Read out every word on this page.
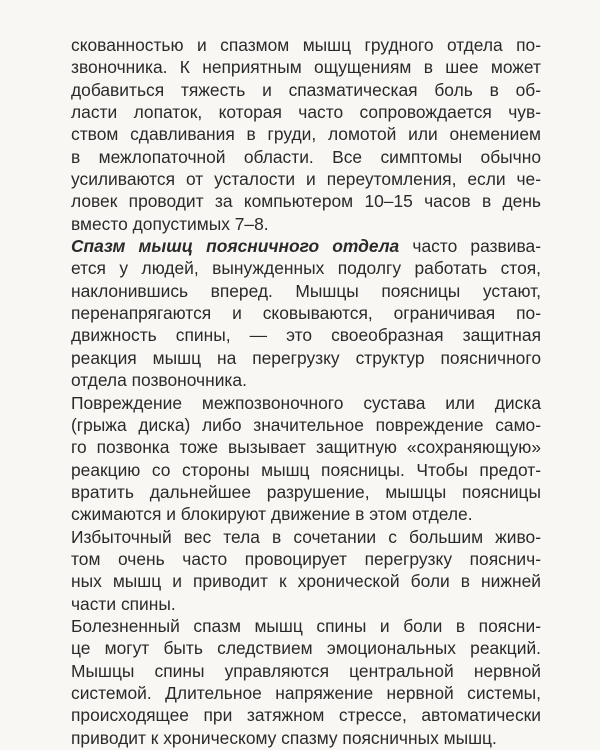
скованностью и спазмом мышц грудного отдела по-
звоночника. К неприятным ощущениям в шее может
добавиться тяжесть и спазматическая боль в об-
ласти лопаток, которая часто сопровождается чув-
ством сдавливания в груди, ломотой или онемением
в межлопаточной области. Все симптомы обычно
усиливаются от усталости и переутомления, если че-
ловек проводит за компьютером 10–15 часов в день
вместо допустимых 7–8.
Спазм мышц поясничного отдела часто развива-
ется у людей, вынужденных подолгу работать стоя,
наклонившись вперед. Мышцы поясницы устают,
перенапрягаются и сковываются, ограничивая по-
движность спины, — это своеобразная защитная
реакция мышц на перегрузку структур поясничного
отдела позвоночника.
Повреждение межпозвоночного сустава или диска
(грыжа диска) либо значительное повреждение само-
го позвонка тоже вызывает защитную «сохраняющую»
реакцию со стороны мышц поясницы. Чтобы предот-
вратить дальнейшее разрушение, мышцы поясницы
сжимаются и блокируют движение в этом отделе.
Избыточный вес тела в сочетании с большим живо-
том очень часто провоцирует перегрузку пояснич-
ных мышц и приводит к хронической боли в нижней
части спины.
Болезненный спазм мышц спины и боли в поясни-
це могут быть следствием эмоциональных реакций.
Мышцы спины управляются центральной нервной
системой. Длительное напряжение нервной системы,
происходящее при затяжном стрессе, автоматически
приводит к хроническому спазму поясничных мышц.
